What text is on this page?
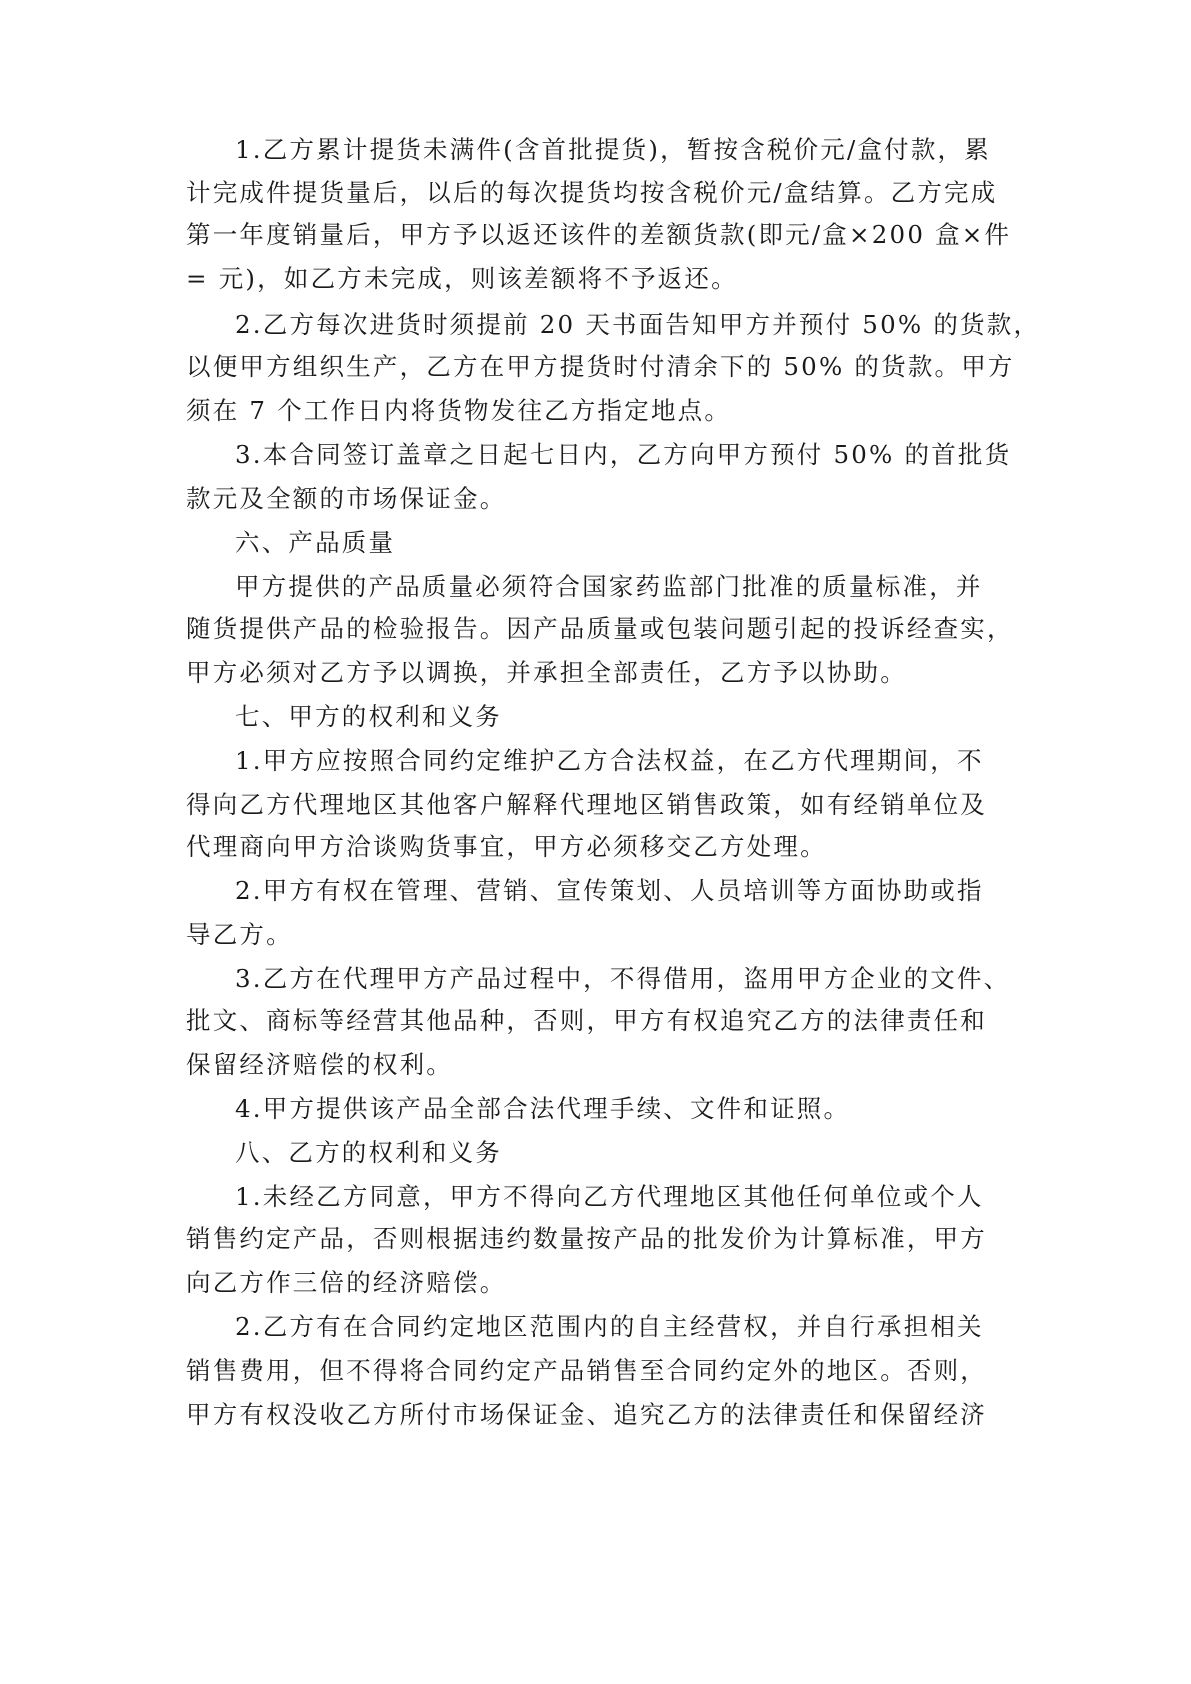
1.乙方累计提货未满件(含首批提货)，暂按含税价元/盒付款，累
计完成件提货量后，以后的每次提货均按含税价元/盒结算。乙方完成
第一年度销量后，甲方予以返还该件的差额货款(即元/盒×200 盒×件
= 元)，如乙方未完成，则该差额将不予返还。
2.乙方每次进货时须提前 20 天书面告知甲方并预付 50% 的货款，
以便甲方组织生产，乙方在甲方提货时付清余下的 50% 的货款。甲方
须在 7 个工作日内将货物发往乙方指定地点。
3.本合同签订盖章之日起七日内，乙方向甲方预付 50% 的首批货
款元及全额的市场保证金。
六、产品质量
甲方提供的产品质量必须符合国家药监部门批准的质量标准，并
随货提供产品的检验报告。因产品质量或包装问题引起的投诉经查实，
甲方必须对乙方予以调换，并承担全部责任，乙方予以协助。
七、甲方的权利和义务
1.甲方应按照合同约定维护乙方合法权益，在乙方代理期间，不
得向乙方代理地区其他客户解释代理地区销售政策，如有经销单位及
代理商向甲方洽谈购货事宜，甲方必须移交乙方处理。
2.甲方有权在管理、营销、宣传策划、人员培训等方面协助或指
导乙方。
3.乙方在代理甲方产品过程中，不得借用，盗用甲方企业的文件、
批文、商标等经营其他品种，否则，甲方有权追究乙方的法律责任和
保留经济赔偿的权利。
4.甲方提供该产品全部合法代理手续、文件和证照。
八、乙方的权利和义务
1.未经乙方同意，甲方不得向乙方代理地区其他任何单位或个人
销售约定产品，否则根据违约数量按产品的批发价为计算标准，甲方
向乙方作三倍的经济赔偿。
2.乙方有在合同约定地区范围内的自主经营权，并自行承担相关
销售费用，但不得将合同约定产品销售至合同约定外的地区。否则，
甲方有权没收乙方所付市场保证金、追究乙方的法律责任和保留经济
